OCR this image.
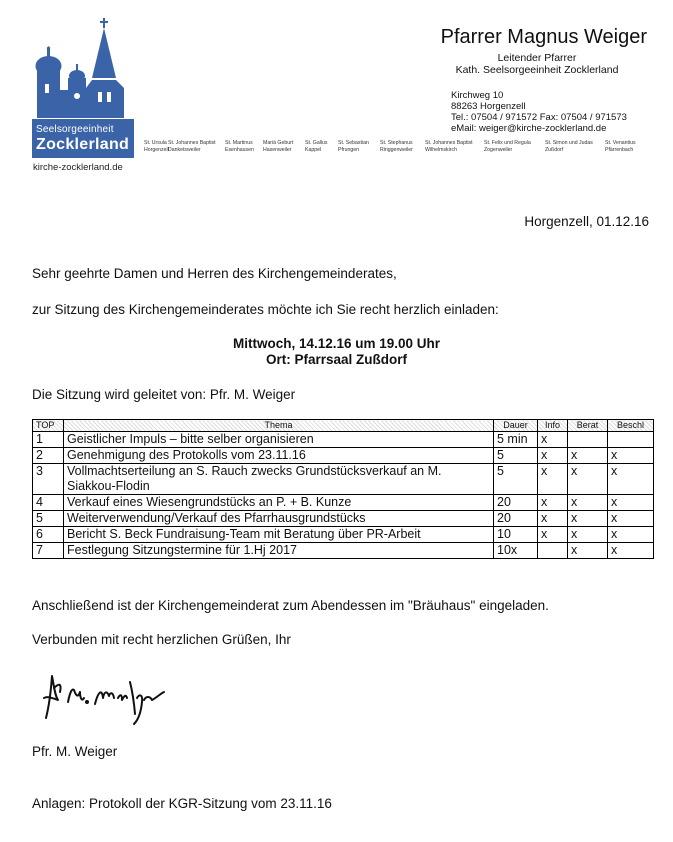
Seelsorgeeinheit
Zocklerland
kirche-zocklerland.de
St. Ursula
Horgenzell
St. Johannes Baptist
Danketsweiler
St. Martinus
Esenhausen
Mariä Geburt
Hasenweiler
St. Gallus
Kappel
St. Sebastian
Pfrungen
St. Stephanus
Ringgenweiler
St. Johannes Baptist
Wilhelmskirch
St. Felix und Regula
Zogenweiler
St. Simon und Judas
Zußdorf
St. Venantius
Pfärrenbach
Pfarrer Magnus Weiger
Leitender Pfarrer
Kath. Seelsorgeeinheit Zocklerland
Kirchweg 10
88263 Horgenzell
Tel.: 07504 / 971572 Fax: 07504 / 971573
eMail: weiger@kirche-zocklerland.de
Horgenzell, 01.12.16
Sehr geehrte Damen und Herren des Kirchengemeinderates,
zur Sitzung des Kirchengemeinderates möchte ich Sie recht herzlich einladen:
Mittwoch, 14.12.16 um 19.00 Uhr
Ort: Pfarrsaal Zußdorf
Die Sitzung wird geleitet von: Pfr. M. Weiger
TOP	Thema	Dauer	Info	Berat	Beschl
1	Geistlicher Impuls – bitte selber organisieren	5 min	x		
2	Genehmigung des Protokolls vom 23.11.16	5	x	x	x
3	Vollmachtserteilung an S. Rauch zwecks Grundstücksverkauf an M. Siakkou-Flodin	5	x	x	x
4	Verkauf eines Wiesengrundstücks an P. + B. Kunze	20	x	x	x
5	Weiterverwendung/Verkauf des Pfarrhausgrundstücks	20	x	x	x
6	Bericht S. Beck Fundraisung-Team mit Beratung über PR-Arbeit	10	x	x	x
7	Festlegung Sitzungstermine für 1.Hj 2017	10x		x	x
Anschließend ist der Kirchengemeinderat zum Abendessen im "Bräuhaus" eingeladen.
Verbunden mit recht herzlichen Grüßen, Ihr
Pfr. M. Weiger
Anlagen: Protokoll der KGR-Sitzung vom 23.11.16
